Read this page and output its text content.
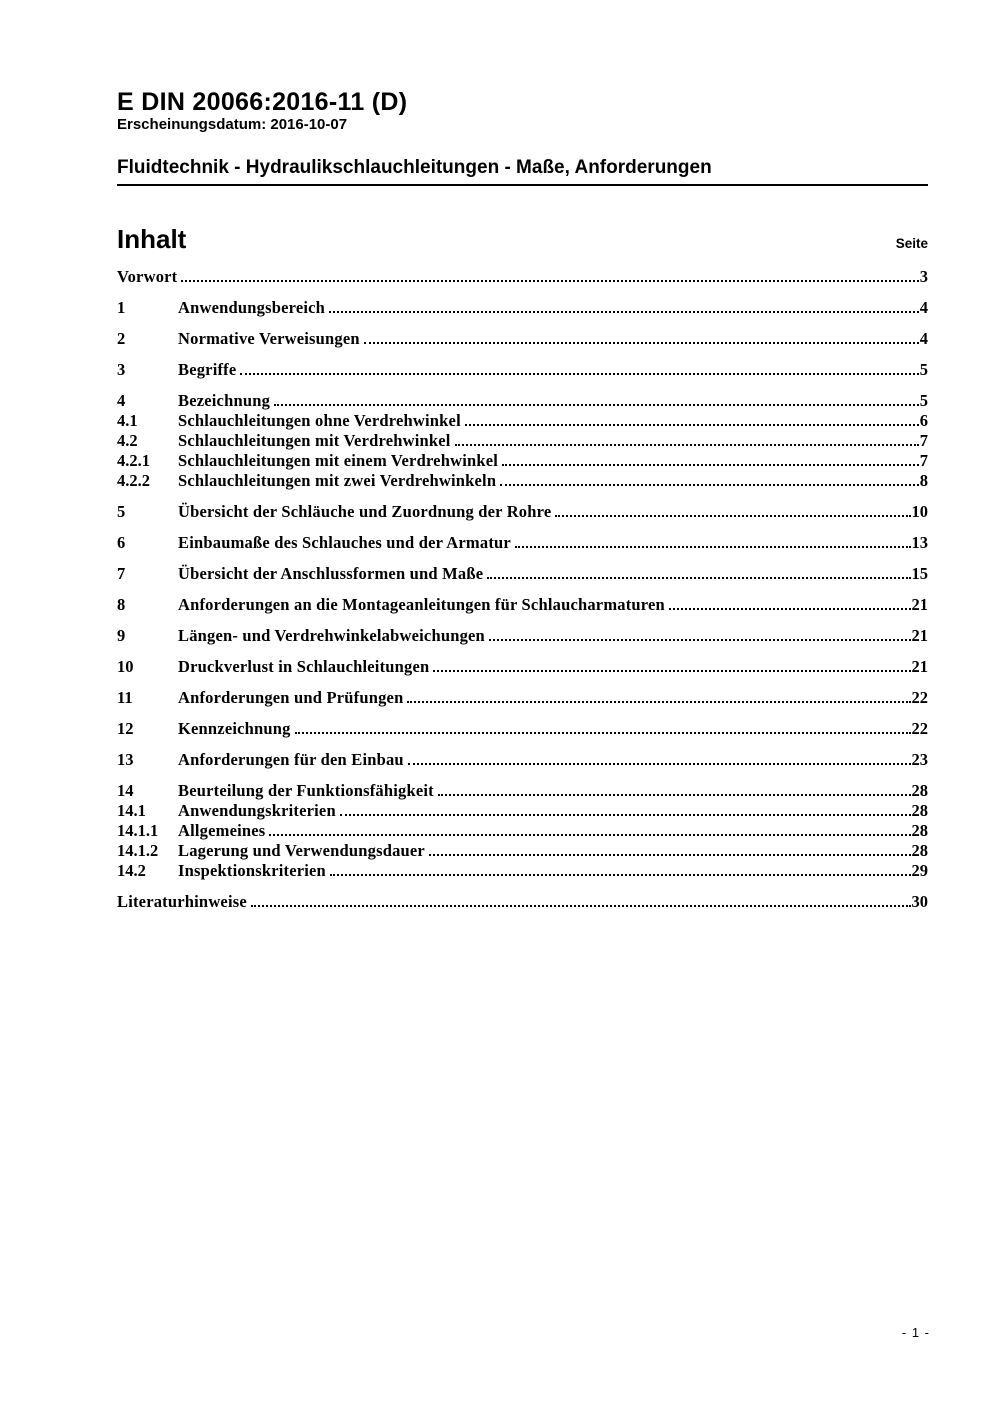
E DIN 20066:2016-11 (D)

Erscheinungsdatum: 2016-10-07

Fluidtechnik - Hydraulikschlauchleitungen - Maße, Anforderungen
Inhalt	Seite
Vorwort	3
1	Anwendungsbereich	4
2	Normative Verweisungen	4
3	Begriffe	5
4	Bezeichnung	5
4.1	Schlauchleitungen ohne Verdrehwinkel	6
4.2	Schlauchleitungen mit Verdrehwinkel	7
4.2.1	Schlauchleitungen mit einem Verdrehwinkel	7
4.2.2	Schlauchleitungen mit zwei Verdrehwinkeln	8
5	Übersicht der Schläuche und Zuordnung der Rohre	10
6	Einbaumaße des Schlauches und der Armatur	13
7	Übersicht der Anschlussformen und Maße	15
8	Anforderungen an die Montageanleitungen für Schlaucharmaturen	21
9	Längen- und Verdrehwinkelabweichungen	21
10	Druckverlust in Schlauchleitungen	21
11	Anforderungen und Prüfungen	22
12	Kennzeichnung	22
13	Anforderungen für den Einbau	23
14	Beurteilung der Funktionsfähigkeit	28
14.1	Anwendungskriterien	28
14.1.1	Allgemeines	28
14.1.2	Lagerung und Verwendungsdauer	28
14.2	Inspektionskriterien	29
Literaturhinweise	30
- 1 -
